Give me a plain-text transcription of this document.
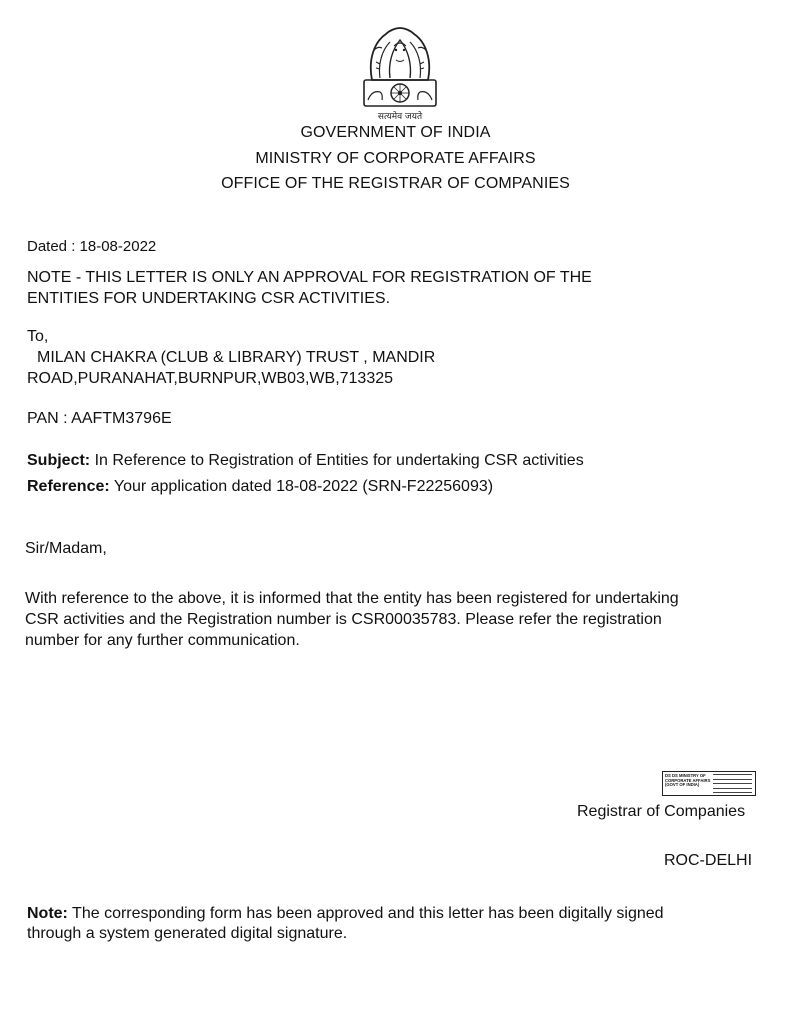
सत्यमेव जयते
GOVERNMENT OF INDIA
MINISTRY OF CORPORATE AFFAIRS
OFFICE OF THE REGISTRAR OF COMPANIES
Dated : 18-08-2022
NOTE - THIS LETTER IS ONLY AN APPROVAL FOR REGISTRATION OF THE
ENTITIES FOR UNDERTAKING CSR ACTIVITIES.
To,
MILAN CHAKRA (CLUB & LIBRARY) TRUST , MANDIR
ROAD,PURANAHAT,BURNPUR,WB03,WB,713325
PAN : AAFTM3796E
Subject: In Reference to Registration of Entities for undertaking CSR activities
Reference: Your application dated 18-08-2022 (SRN-F22256093)
Sir/Madam,
With reference to the above, it is informed that the entity has been registered for undertaking
CSR activities and the Registration number is CSR00035783. Please refer the registration
number for any further communication.
DS DS MINISTRY OF CORPORATE AFFAIRS (GOVT OF INDIA)
Registrar of Companies
ROC-DELHI
Note: The corresponding form has been approved and this letter has been digitally signed
through a system generated digital signature.
